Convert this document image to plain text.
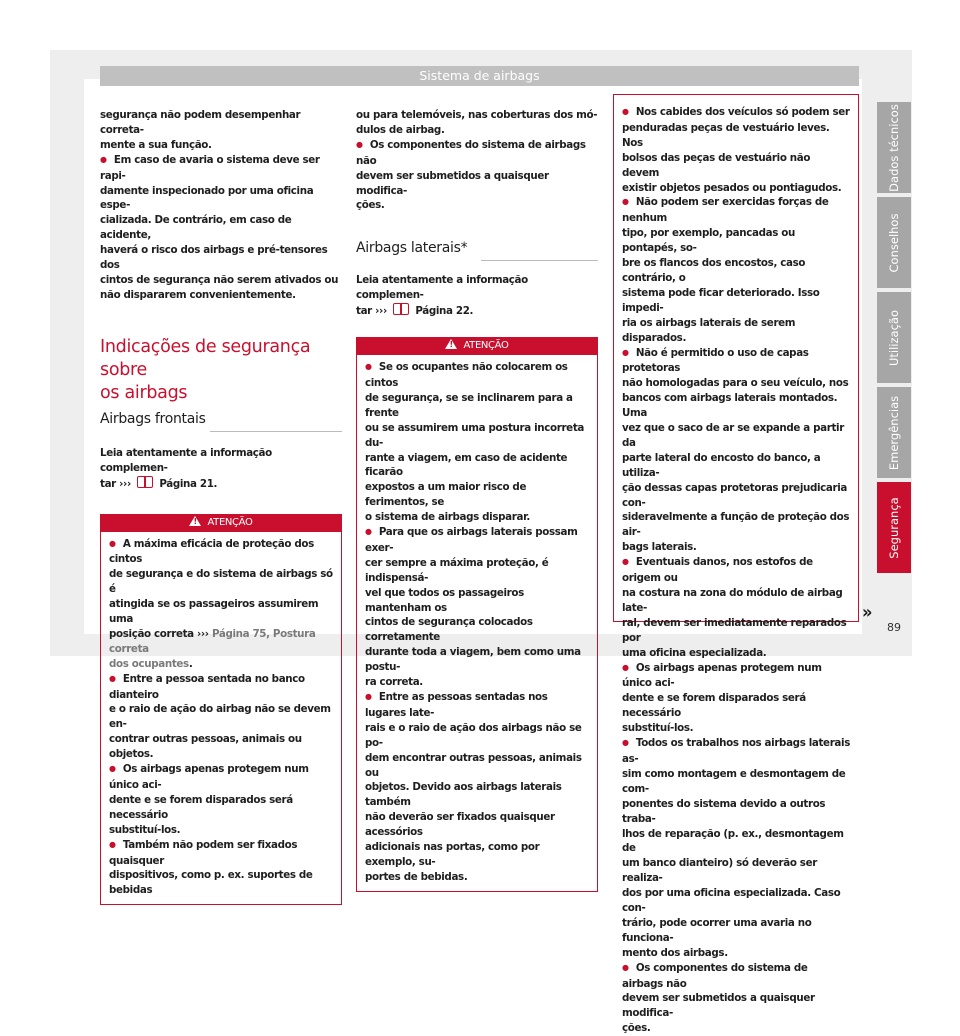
Sistema de airbags

segurança não podem desempenhar correta-
mente a sua função.

● Em caso de avaria o sistema deve ser rapi-
damente inspecionado por uma oficina espe-
cializada. De contrário, em caso de acidente,
haverá o risco dos airbags e pré-tensores dos
cintos de segurança não serem ativados ou
não dispararem convenientemente.

Indicações de segurança sobre
os airbags
Airbags frontais

Leia atentamente a informação complemen-
tar ›››	Página 21.

!ATENÇÃO

● A máxima eficácia de proteção dos cintos
de segurança e do sistema de airbags só é
atingida se os passageiros assumirem uma
posição correta ››› Página 75, Postura correta
dos ocupantes.

● Entre a pessoa sentada no banco dianteiro
e o raio de ação do airbag não se devem en-
contrar outras pessoas, animais ou objetos.

● Os airbags apenas protegem num único aci-
dente e se forem disparados será necessário
substituí-los.

● Também não podem ser fixados quaisquer
dispositivos, como p. ex. suportes de bebidas

ou para telemóveis, nas coberturas dos mó-
dulos de airbag.

● Os componentes do sistema de airbags não
devem ser submetidos a quaisquer modifica-
ções.

Airbags laterais*

Leia atentamente a informação complemen-
tar ›››	Página 22.

!ATENÇÃO

● Se os ocupantes não colocarem os cintos
de segurança, se se inclinarem para a frente
ou se assumirem uma postura incorreta du-
rante a viagem, em caso de acidente ficarão
expostos a um maior risco de ferimentos, se
o sistema de airbags disparar.

● Para que os airbags laterais possam exer-
cer sempre a máxima proteção, é indispensá-
vel que todos os passageiros mantenham os
cintos de segurança colocados corretamente
durante toda a viagem, bem como uma postu-
ra correta.

● Entre as pessoas sentadas nos lugares late-
rais e o raio de ação dos airbags não se po-
dem encontrar outras pessoas, animais ou
objetos. Devido aos airbags laterais também
não deverão ser fixados quaisquer acessórios
adicionais nas portas, como por exemplo, su-
portes de bebidas.

● Nos cabides dos veículos só podem ser
penduradas peças de vestuário leves. Nos
bolsos das peças de vestuário não devem
existir objetos pesados ou pontiagudos.

● Não podem ser exercidas forças de nenhum
tipo, por exemplo, pancadas ou pontapés, so-
bre os flancos dos encostos, caso contrário, o
sistema pode ficar deteriorado. Isso impedi-
ria os airbags laterais de serem disparados.

● Não é permitido o uso de capas protetoras
não homologadas para o seu veículo, nos
bancos com airbags laterais montados. Uma
vez que o saco de ar se expande a partir da
parte lateral do encosto do banco, a utiliza-
ção dessas capas protetoras prejudicaria con-
sideravelmente a função de proteção dos air-
bags laterais.

● Eventuais danos, nos estofos de origem ou
na costura na zona do módulo de airbag late-
ral, devem ser imediatamente reparados por
uma oficina especializada.

● Os airbags apenas protegem num único aci-
dente e se forem disparados será necessário
substituí-los.

● Todos os trabalhos nos airbags laterais as-
sim como montagem e desmontagem de com-
ponentes do sistema devido a outros traba-
lhos de reparação (p. ex., desmontagem de
um banco dianteiro) só deverão ser realiza-
dos por uma oficina especializada. Caso con-
trário, pode ocorrer uma avaria no funciona-
mento dos airbags.

● Os componentes do sistema de airbags não
devem ser submetidos a quaisquer modifica-
ções.

»
Dados técnicos
Conselhos
Utilização
Emergências
Segurança
89
